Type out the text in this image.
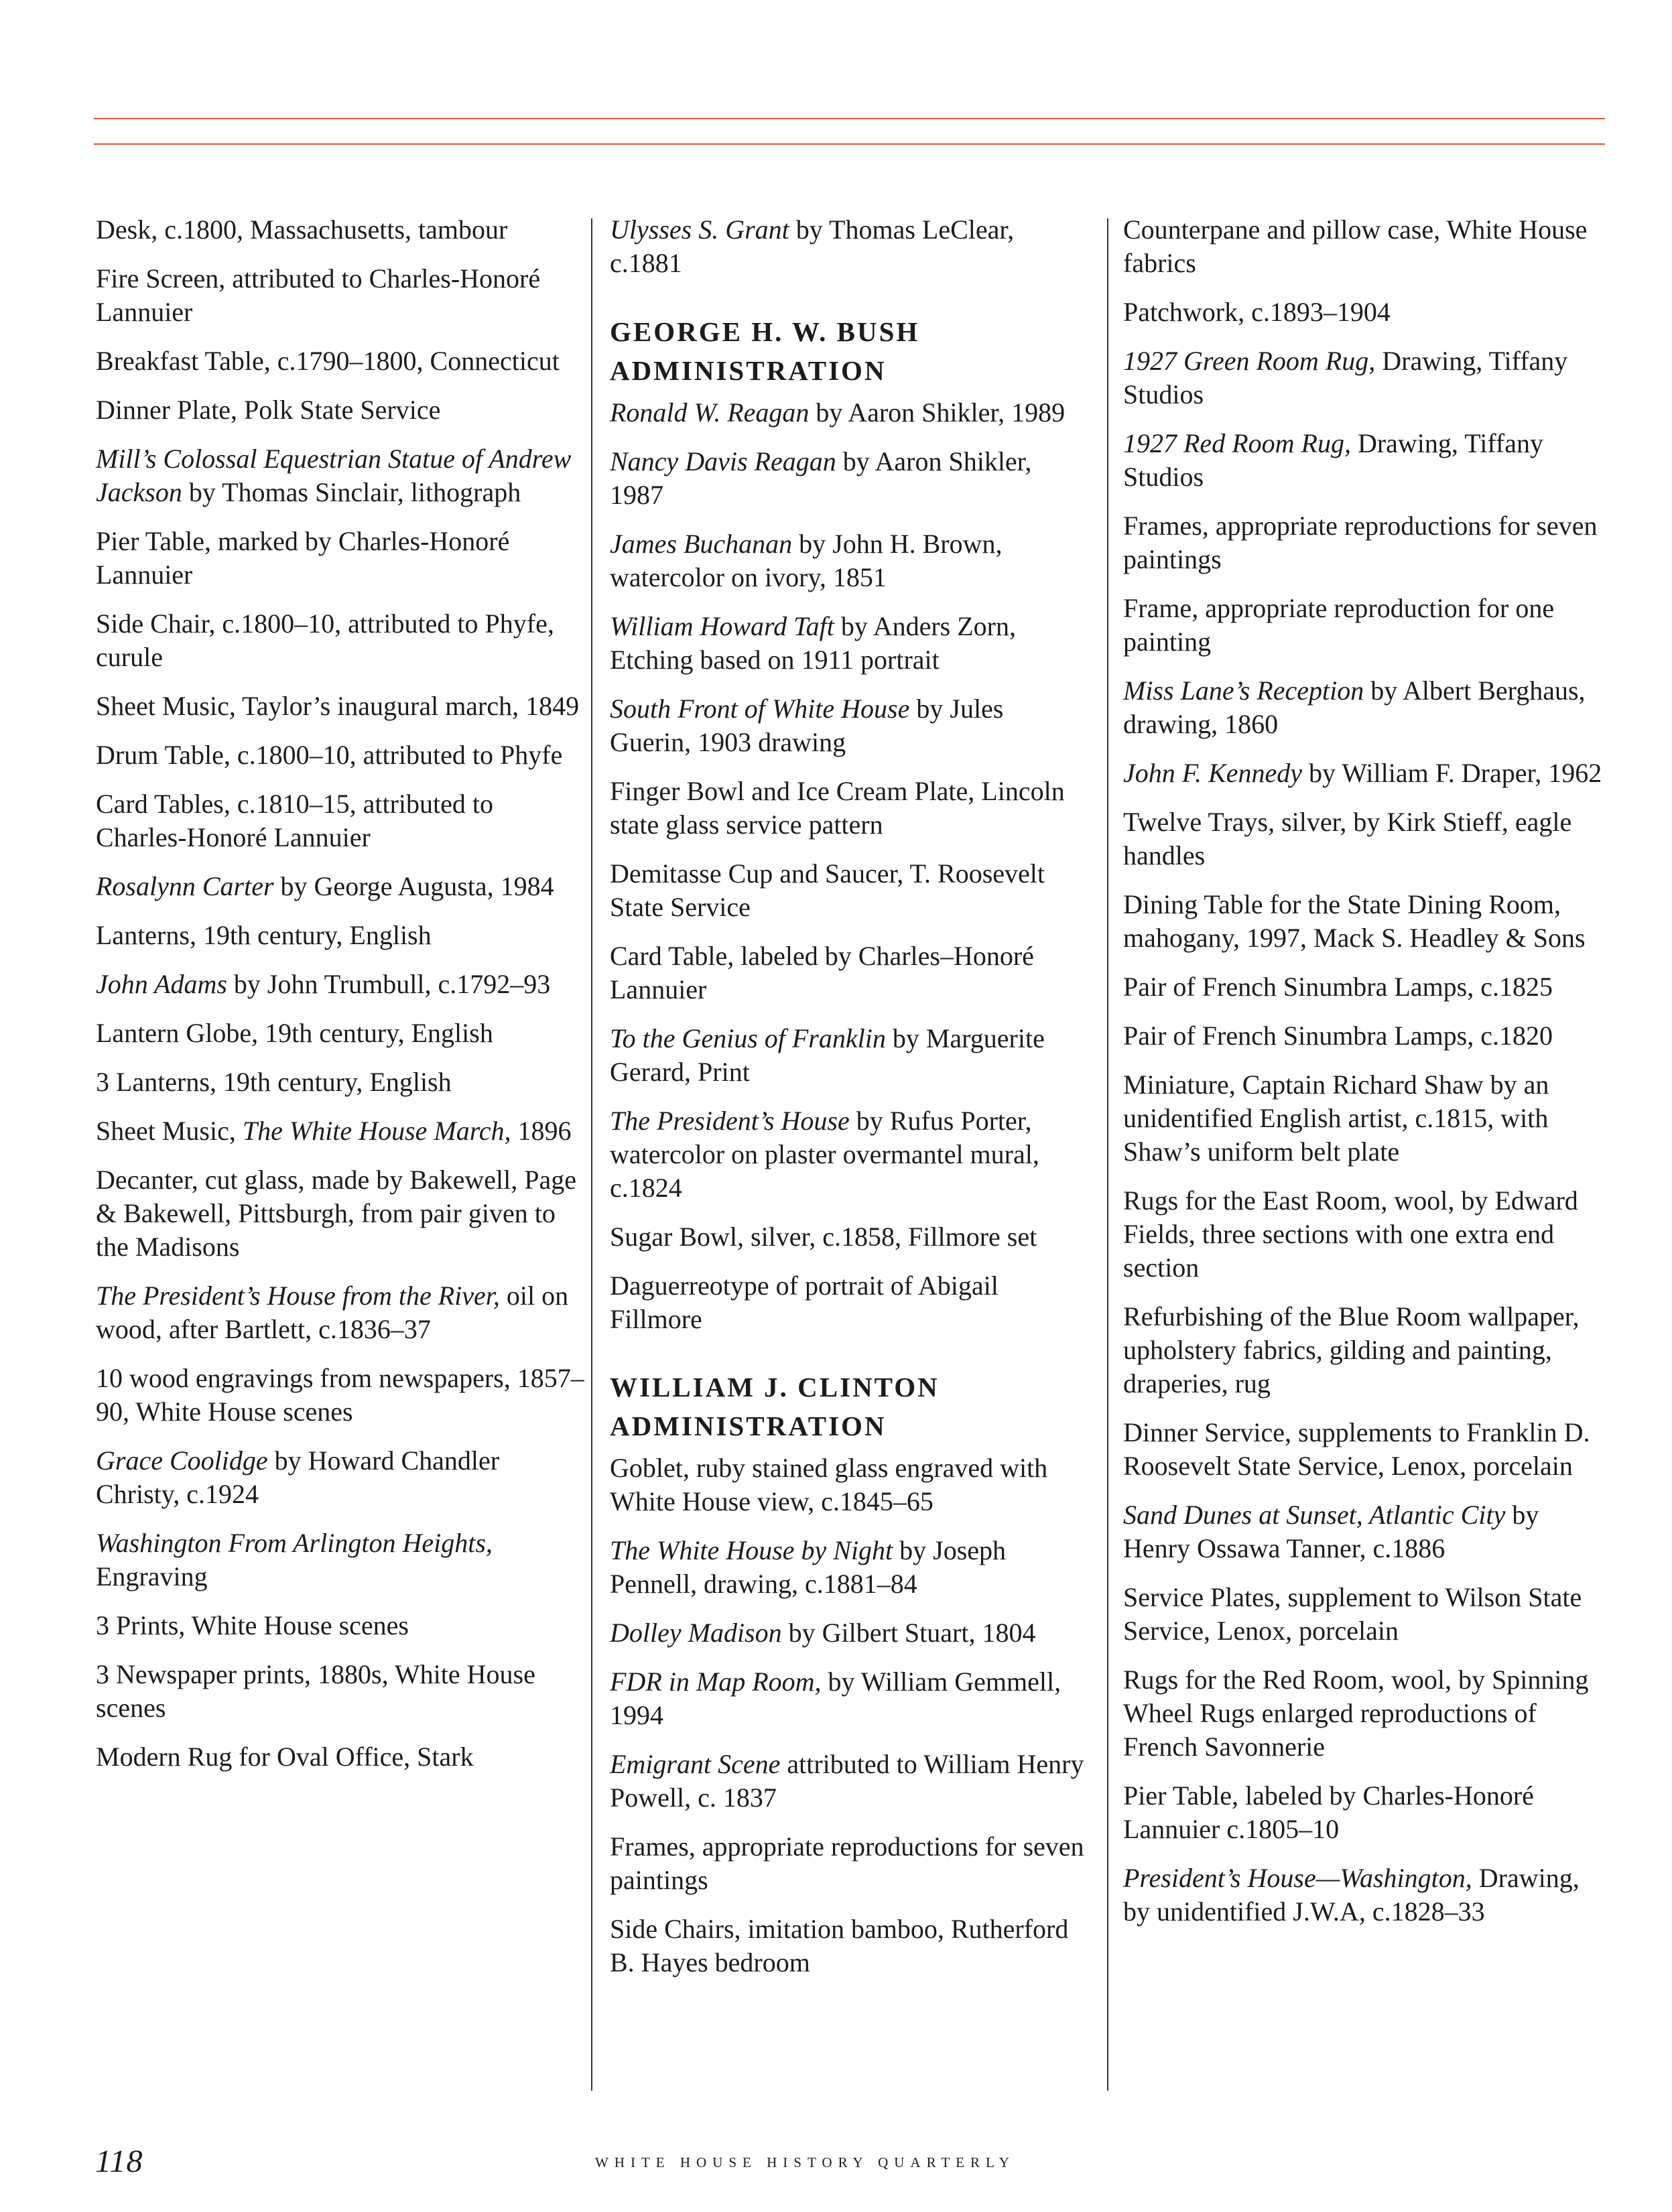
Desk, c.1800, Massachusetts, tambour

Fire Screen, attributed to Charles-Honoré Lannuier

Breakfast Table, c.1790–1800, Connecticut

Dinner Plate, Polk State Service

Mill’s Colossal Equestrian Statue of Andrew Jackson by Thomas Sinclair, lithograph

Pier Table, marked by Charles-Honoré Lannuier

Side Chair, c.1800–10, attributed to Phyfe, curule

Sheet Music, Taylor’s inaugural march, 1849

Drum Table, c.1800–10, attributed to Phyfe

Card Tables, c.1810–15, attributed to Charles-Honoré Lannuier

Rosalynn Carter by George Augusta, 1984

Lanterns, 19th century, English

John Adams by John Trumbull, c.1792–93

Lantern Globe, 19th century, English

3 Lanterns, 19th century, English

Sheet Music, The White House March, 1896

Decanter, cut glass, made by Bakewell, Page & Bakewell, Pittsburgh, from pair given to the Madisons

The President’s House from the River, oil on wood, after Bartlett, c.1836–37

10 wood engravings from newspapers, 1857–90, White House scenes

Grace Coolidge by Howard Chandler Christy, c.1924

Washington From Arlington Heights, Engraving

3 Prints, White House scenes

3 Newspaper prints, 1880s, White House scenes

Modern Rug for Oval Office, Stark

Ulysses S. Grant by Thomas LeClear, c.1881

GEORGE H. W. BUSH ADMINISTRATION

Ronald W. Reagan by Aaron Shikler, 1989

Nancy Davis Reagan by Aaron Shikler, 1987

James Buchanan by John H. Brown, watercolor on ivory, 1851

William Howard Taft by Anders Zorn, Etching based on 1911 portrait

South Front of White House by Jules Guerin, 1903 drawing

Finger Bowl and Ice Cream Plate, Lincoln state glass service pattern

Demitasse Cup and Saucer, T. Roosevelt State Service

Card Table, labeled by Charles–Honoré Lannuier

To the Genius of Franklin by Marguerite Gerard, Print

The President’s House by Rufus Porter, watercolor on plaster overmantel mural, c.1824

Sugar Bowl, silver, c.1858, Fillmore set

Daguerreotype of portrait of Abigail Fillmore

WILLIAM J. CLINTON ADMINISTRATION

Goblet, ruby stained glass engraved with White House view, c.1845–65

The White House by Night by Joseph Pennell, drawing, c.1881–84

Dolley Madison by Gilbert Stuart, 1804

FDR in Map Room, by William Gemmell, 1994

Emigrant Scene attributed to William Henry Powell, c. 1837

Frames, appropriate reproductions for seven paintings

Side Chairs, imitation bamboo, Rutherford B. Hayes bedroom

Counterpane and pillow case, White House fabrics

Patchwork, c.1893–1904

1927 Green Room Rug, Drawing, Tiffany Studios

1927 Red Room Rug, Drawing, Tiffany Studios

Frames, appropriate reproductions for seven paintings

Frame, appropriate reproduction for one painting

Miss Lane’s Reception by Albert Berghaus, drawing, 1860

John F. Kennedy by William F. Draper, 1962

Twelve Trays, silver, by Kirk Stieff, eagle handles

Dining Table for the State Dining Room, mahogany, 1997, Mack S. Headley & Sons

Pair of French Sinumbra Lamps, c.1825

Pair of French Sinumbra Lamps, c.1820

Miniature, Captain Richard Shaw by an unidentified English artist, c.1815, with Shaw’s uniform belt plate

Rugs for the East Room, wool, by Edward Fields, three sections with one extra end section

Refurbishing of the Blue Room wallpaper, upholstery fabrics, gilding and painting, draperies, rug

Dinner Service, supplements to Franklin D. Roosevelt State Service, Lenox, porcelain

Sand Dunes at Sunset, Atlantic City by Henry Ossawa Tanner, c.1886

Service Plates, supplement to Wilson State Service, Lenox, porcelain

Rugs for the Red Room, wool, by Spinning Wheel Rugs enlarged reproductions of French Savonnerie

Pier Table, labeled by Charles-Honoré Lannuier c.1805–10

President’s House—Washington, Drawing, by unidentified J.W.A, c.1828–33

118	WHITE HOUSE HISTORY QUARTERLY
